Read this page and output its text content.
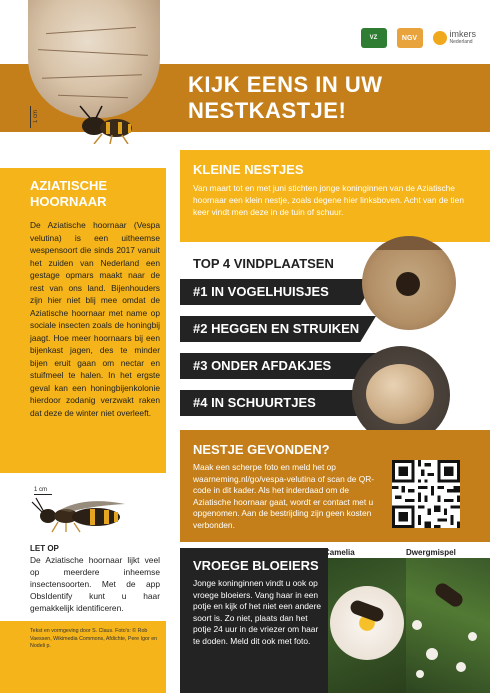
VZ	NGV	imkers
Nederland
1 cm
KIJK EENS IN UW NESTKASTJE!
AZIATISCHE HOORNAAR
De Aziatische hoornaar (Vespa velutina) is een uitheemse wespensoort die sinds 2017 vanuit het zuiden van Nederland een gestage opmars maakt naar de rest van ons land. Bijenhouders zijn hier niet blij mee omdat de Aziatische hoornaar met name op sociale insecten zoals de honingbij jaagt. Hoe meer hoornaars bij een bijenkast jagen, des te minder bijen eruit gaan om nectar en stuifmeel te halen. In het ergste geval kan een honingbijenkolonie hierdoor zodanig verzwakt raken dat deze de winter niet overleeft.
1 cm
LET OP
De Aziatische hoornaar lijkt veel op meerdere inheemse insectensoorten. Met de app ObsIdentify kunt u haar gemakkelijk identificeren.
Tekst en vormgeving door S. Claus. Foto's: © Rob Vaessen, Wikimedia Commons, Afdichte, Pere Igor en Nodeli p.
KLEINE NESTJES
Van maart tot en met juni stichten jonge koninginnen van de Aziatische hoornaar een klein nestje, zoals degene hier linksboven. Acht van de tien keer vindt men deze in de tuin of schuur.
TOP 4 VINDPLAATSEN
#1 IN VOGELHUISJES
#2 HEGGEN EN STRUIKEN
#3 ONDER AFDAKJES
#4 IN SCHUURTJES
NESTJE GEVONDEN?
Maak een scherpe foto en meld het op waarneming.nl/go/vespa-velutina of scan de QR-code in dit kader. Als het inderdaad om de Aziatische hoornaar gaat, wordt er contact met u opgenomen. Aan de bestrijding zijn geen kosten verbonden.
VROEGE BLOEIERS
Jonge koninginnen vindt u ook op vroege bloeiers. Vang haar in een potje en kijk of het niet een andere soort is. Zo niet, plaats dan het potje 24 uur in de vriezer om haar te doden. Meld dit ook met foto.
Camelia	Dwergmispel
